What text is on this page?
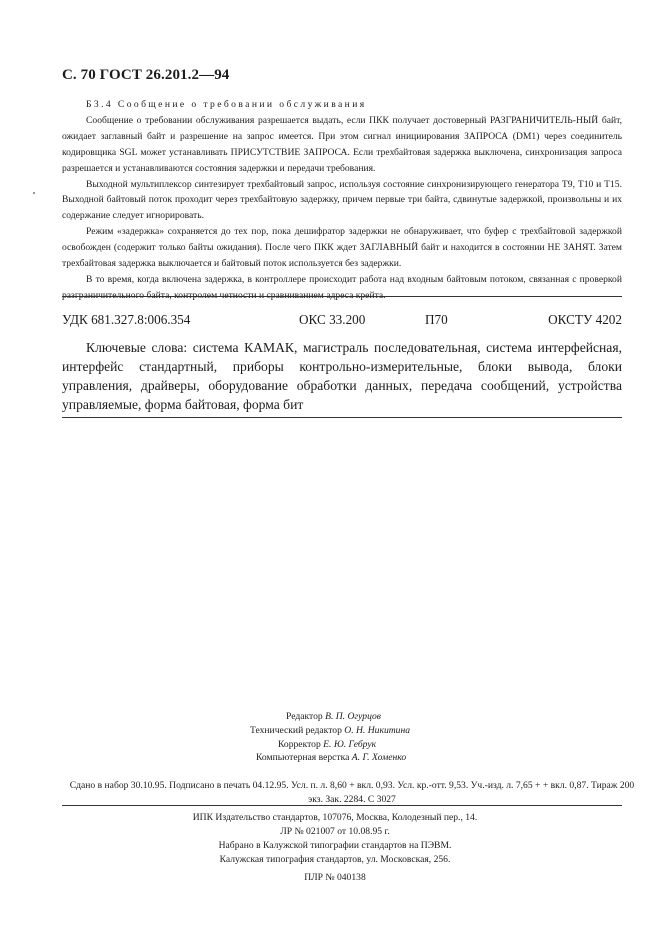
С. 70 ГОСТ 26.201.2—94

Б3.4 Сообщение о требовании обслуживания

Сообщение о требовании обслуживания разрешается выдать, если ПКК получает достоверный РАЗГРАНИЧИТЕЛЬ-НЫЙ байт, ожидает заглавный байт и разрешение на запрос имеется. При этом сигнал инициирования ЗАПРОСА (DM1) через соединитель кодировщика SGL может устанавливать ПРИСУТСТВИЕ ЗАПРОСА. Если трехбайтовая задержка выключена, синхронизация запроса разрешается и устанавливаются состояния задержки и передачи требования.

Выходной мультиплексор синтезирует трехбайтовый запрос, используя состояние синхронизирующего генератора Т9, Т10 и Т15. Выходной байтовый поток проходит через трехбайтовую задержку, причем первые три байта, сдвинутые задержкой, произвольны и их содержание следует игнорировать.

Режим «задержка» сохраняется до тех пор, пока дешифратор задержки не обнаруживает, что буфер с трехбайтовой задержкой освобожден (содержит только байты ожидания). После чего ПКК ждет ЗАГЛАВНЫЙ байт и находится в состоянии НЕ ЗАНЯТ. Затем трехбайтовая задержка выключается и байтовый поток используется без задержки.

В то время, когда включена задержка, в контроллере происходит работа над входным байтовым потоком, связанная с проверкой разграничительного байта, контролем четности и сравниванием адреса крейта.

УДК 681.327.8:006.354	ОКС 33.200	П70	ОКСТУ 4202

Ключевые слова: система КАМАК, магистраль последовательная, система интерфейсная, интерфейс стандартный, приборы контрольно-измерительные, блоки вывода, блоки управления, драйверы, оборудование обработки данных, передача сообщений, устройства управляемые, форма байтовая, форма бит

Редактор В. П. Огурцов
Технический редактор О. Н. Никитина
Корректор Е. Ю. Гебрук
Компьютерная верстка А. Г. Хоменко
Сдано в набор 30.10.95. Подписано в печать 04.12.95. Усл. п. л. 8,60 + вкл. 0,93. Усл. кр.-отт. 9,53. Уч.-изд. л. 7,65 + + вкл. 0,87. Тираж 200 экз. Зак. 2284. С 3027
ИПК Издательство стандартов, 107076, Москва, Колодезный пер., 14.
ЛР № 021007 от 10.08.95 г.
Набрано в Калужской типографии стандартов на ПЭВМ.
Калужская типография стандартов, ул. Московская, 256.
ПЛР № 040138
